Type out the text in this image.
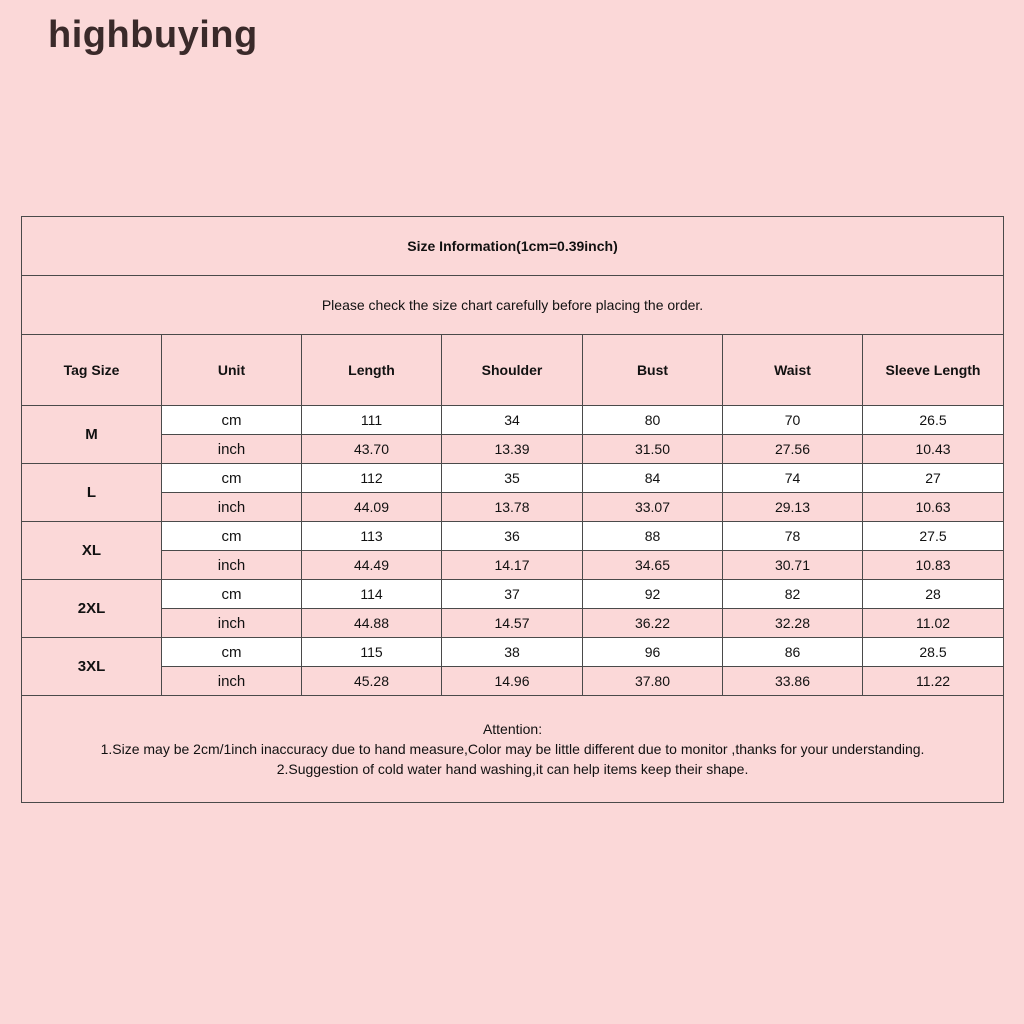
highbuying
Size Information(1cm=0.39inch)						
Please check the size chart carefully before placing the order.						
Tag Size	Unit	Length	Shoulder	Bust	Waist	Sleeve Length
M	cm	111	34	80	70	26.5
	inch	43.70	13.39	31.50	27.56	10.43
L	cm	112	35	84	74	27
	inch	44.09	13.78	33.07	29.13	10.63
XL	cm	113	36	88	78	27.5
	inch	44.49	14.17	34.65	30.71	10.83
2XL	cm	114	37	92	82	28
	inch	44.88	14.57	36.22	32.28	11.02
3XL	cm	115	38	96	86	28.5
	inch	45.28	14.96	37.80	33.86	11.22

Attention:
1.Size may be 2cm/1inch inaccuracy due to hand measure,Color may be little different due to monitor ,thanks for your understanding.
2.Suggestion of cold water hand washing,it can help items keep their shape.						
